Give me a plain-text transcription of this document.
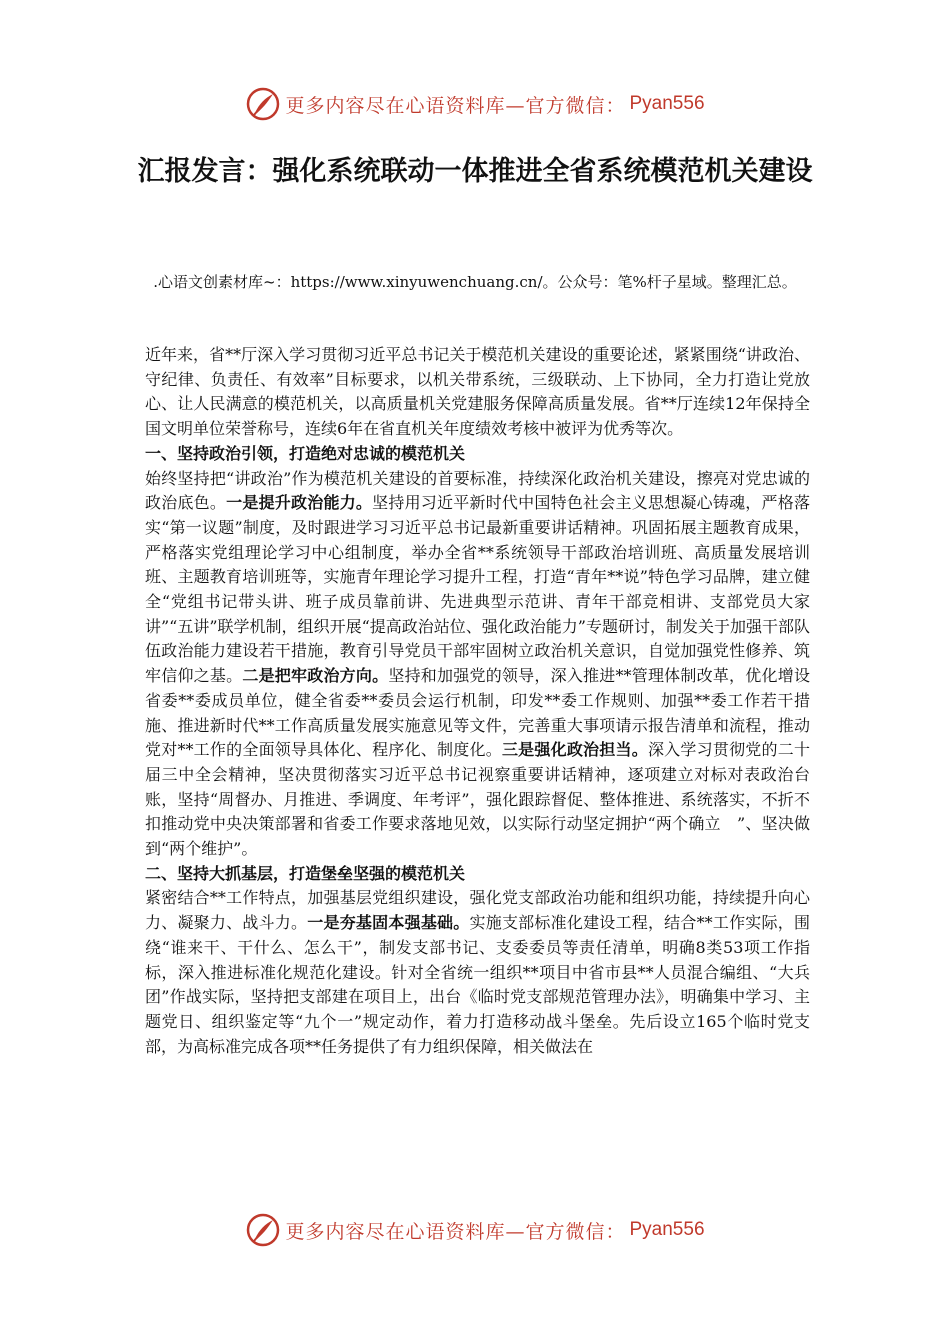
更多内容尽在心语资料库—官方微信： Pyan556
汇报发言：强化系统联动一体推进全省系统模范机关建设
.心语文创素材库~：https://www.xinyuwenchuang.cn/。公众号：笔%杆子星域。整理汇总。

近年来，省**厅深入学习贯彻习近平总书记关于模范机关建设的重要论述，紧紧围绕“讲政治、守纪律、负责任、有效率”目标要求，以机关带系统，三级联动、上下协同，全力打造让党放心、让人民满意的模范机关，以高质量机关党建服务保障高质量发展。省**厅连续12年保持全国文明单位荣誉称号，连续6年在省直机关年度绩效考核中被评为优秀等次。

一、坚持政治引领，打造绝对忠诚的模范机关

始终坚持把“讲政治”作为模范机关建设的首要标准，持续深化政治机关建设，擦亮对党忠诚的政治底色。一是提升政治能力。坚持用习近平新时代中国特色社会主义思想凝心铸魂，严格落实“第一议题”制度，及时跟进学习习近平总书记最新重要讲话精神。巩固拓展主题教育成果，严格落实党组理论学习中心组制度，举办全省**系统领导干部政治培训班、高质量发展培训班、主题教育培训班等，实施青年理论学习提升工程，打造“青年**说”特色学习品牌，建立健全“党组书记带头讲、班子成员靠前讲、先进典型示范讲、青年干部竞相讲、支部党员大家讲”“五讲”联学机制，组织开展“提高政治站位、强化政治能力”专题研讨，制发关于加强干部队伍政治能力建设若干措施，教育引导党员干部牢固树立政治机关意识，自觉加强党性修养、筑牢信仰之基。二是把牢政治方向。坚持和加强党的领导，深入推进**管理体制改革，优化增设省委**委成员单位，健全省委**委员会运行机制，印发**委工作规则、加强**委工作若干措施、推进新时代**工作高质量发展实施意见等文件，完善重大事项请示报告清单和流程，推动党对**工作的全面领导具体化、程序化、制度化。三是强化政治担当。深入学习贯彻党的二十届三中全会精神，坚决贯彻落实习近平总书记视察重要讲话精神，逐项建立对标对表政治台账，坚持“周督办、月推进、季调度、年考评”，强化跟踪督促、整体推进、系统落实，不折不扣推动党中央决策部署和省委工作要求落地见效，以实际行动坚定拥护“两个确立　”、坚决做到“两个维护”。

二、坚持大抓基层，打造堡垒坚强的模范机关

紧密结合**工作特点，加强基层党组织建设，强化党支部政治功能和组织功能，持续提升向心力、凝聚力、战斗力。一是夯基固本强基础。实施支部标准化建设工程，结合**工作实际，围绕“谁来干、干什么、怎么干”，制发支部书记、支委委员等责任清单，明确8类53项工作指标，深入推进标准化规范化建设。针对全省统一组织**项目中省市县**人员混合编组、“大兵团”作战实际，坚持把支部建在项目上，出台《临时党支部规范管理办法》，明确集中学习、主题党日、组织鉴定等“九个一”规定动作，着力打造移动战斗堡垒。先后设立165个临时党支部，为高标准完成各项**任务提供了有力组织保障，相关做法在

更多内容尽在心语资料库—官方微信： Pyan556
